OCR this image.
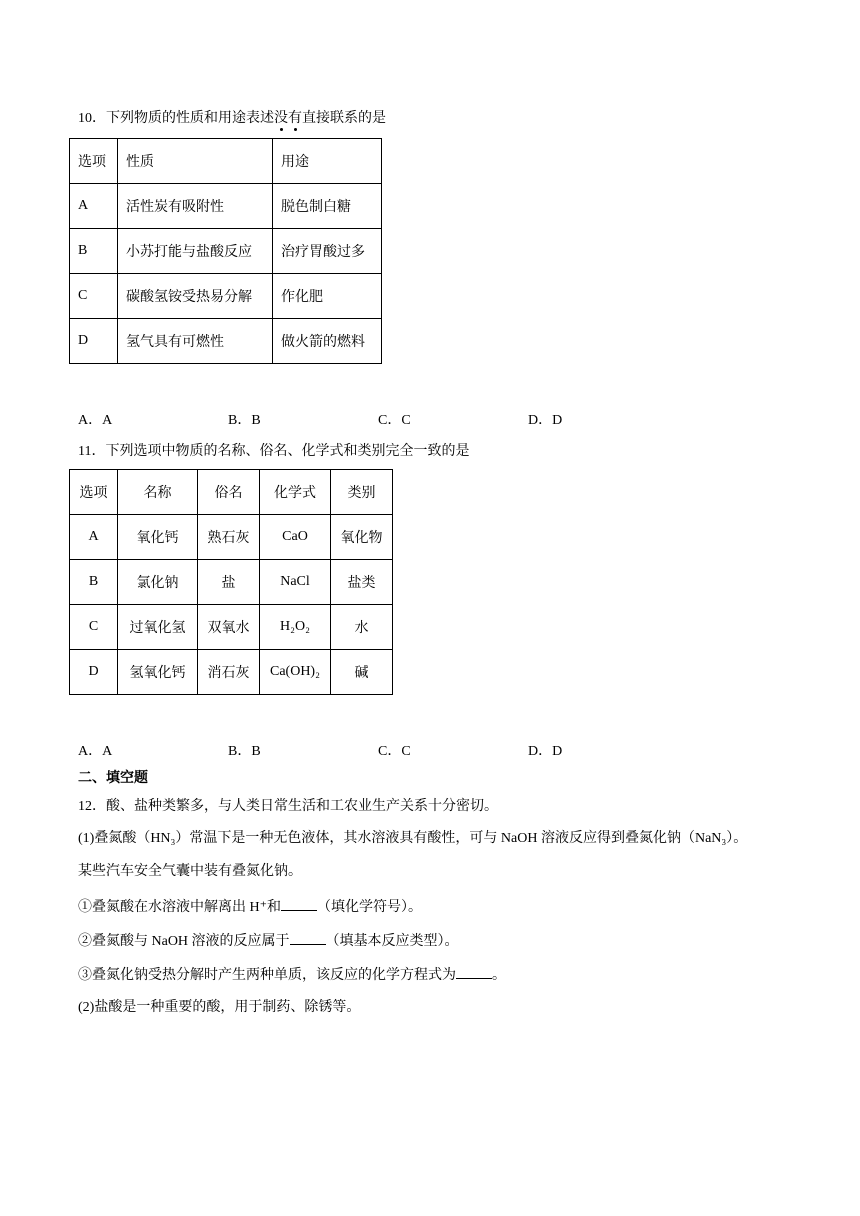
10．下列物质的性质和用途表述没有直接联系的是
选项	性质	用途
A	活性炭有吸附性	脱色制白糖
B	小苏打能与盐酸反应	治疗胃酸过多
C	碳酸氢铵受热易分解	作化肥
D	氢气具有可燃性	做火箭的燃料
A．A	B．B	C．C	D．D
11．下列选项中物质的名称、俗名、化学式和类别完全一致的是
选项	名称	俗名	化学式	类别
A	氧化钙	熟石灰	CaO	氧化物
B	氯化钠	盐	NaCl	盐类
C	过氧化氢	双氧水	H₂O₂	水
D	氢氧化钙	消石灰	Ca(OH)₂	碱
A．A	B．B	C．C	D．D
二、填空题
12．酸、盐种类繁多，与人类日常生活和工农业生产关系十分密切。
(1)叠氮酸（HN₃）常温下是一种无色液体，其水溶液具有酸性，可与 NaOH 溶液反应得到叠氮化钠（NaN₃）。
某些汽车安全气囊中装有叠氮化钠。
①叠氮酸在水溶液中解离出 H⁺和	（填化学符号）。
②叠氮酸与 NaOH 溶液的反应属于	（填基本反应类型）。
③叠氮化钠受热分解时产生两种单质，该反应的化学方程式为	。
(2)盐酸是一种重要的酸，用于制药、除锈等。
